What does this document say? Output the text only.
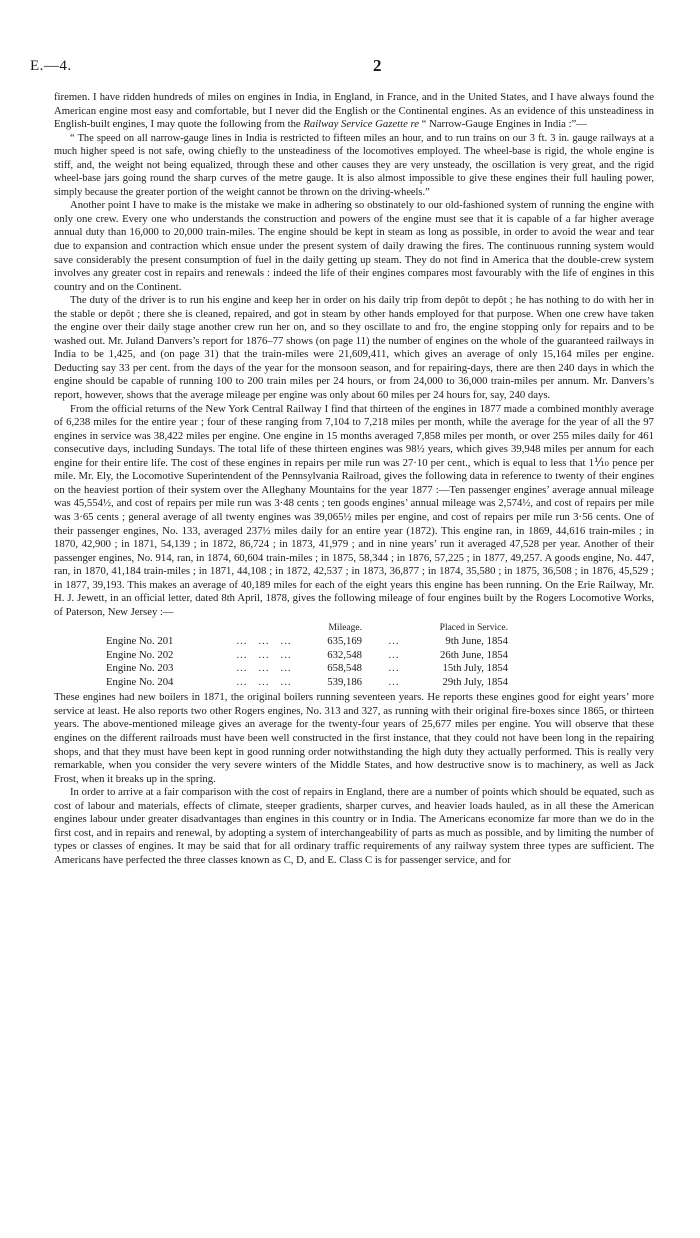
E.—4.	2

firemen. I have ridden hundreds of miles on engines in India, in England, in France, and in the United States, and I have always found the American engine most easy and comfortable, but I never did the English or the Continental engines. As an evidence of this unsteadiness in English-built engines, I may quote the following from the Railway Service Gazette re “ Narrow-Gauge Engines in India :”—

“ The speed on all narrow-gauge lines in India is restricted to fifteen miles an hour, and to run trains on our 3 ft. 3 in. gauge railways at a much higher speed is not safe, owing chiefly to the unsteadiness of the locomotives employed. The wheel-base is rigid, the whole engine is stiff, and, the weight not being equalized, through these and other causes they are very unsteady, the oscillation is very great, and the rigid wheel-base jars going round the sharp curves of the metre gauge. It is also almost impossible to give these engines their full hauling power, simply because the greater portion of the weight cannot be thrown on the driving-wheels.”

Another point I have to make is the mistake we make in adhering so obstinately to our old-fashioned system of running the engine with only one crew. Every one who understands the construction and powers of the engine must see that it is capable of a far higher average annual duty than 16,000 to 20,000 train-miles. The engine should be kept in steam as long as possible, in order to avoid the wear and tear due to expansion and contraction which ensue under the present system of daily drawing the fires. The continuous running system would save considerably the present consumption of fuel in the daily getting up steam. They do not find in America that the double-crew system involves any greater cost in repairs and renewals : indeed the life of their engines compares most favourably with the life of engines in this country and on the Continent.

The duty of the driver is to run his engine and keep her in order on his daily trip from depôt to depôt ; he has nothing to do with her in the stable or depôt ; there she is cleaned, repaired, and got in steam by other hands employed for that purpose. When one crew have taken the engine over their daily stage another crew run her on, and so they oscillate to and fro, the engine stopping only for repairs and to be washed out. Mr. Juland Danvers’s report for 1876–77 shows (on page 11) the number of engines on the whole of the guaranteed railways in India to be 1,425, and (on page 31) that the train-miles were 21,609,411, which gives an average of only 15,164 miles per engine. Deducting say 33 per cent. from the days of the year for the monsoon season, and for repairing-days, there are then 240 days in which the engine should be capable of running 100 to 200 train miles per 24 hours, or from 24,000 to 36,000 train-miles per annum. Mr. Danvers’s report, however, shows that the average mileage per engine was only about 60 miles per 24 hours for, say, 240 days.

From the official returns of the New York Central Railway I find that thirteen of the engines in 1877 made a combined monthly average of 6,238 miles for the entire year ; four of these ranging from 7,104 to 7,218 miles per month, while the average for the year of all the 97 engines in service was 38,422 miles per engine. One engine in 15 months averaged 7,858 miles per month, or over 255 miles daily for 461 consecutive days, including Sundays. The total life of these thirteen engines was 98½ years, which gives 39,948 miles per annum for each engine for their entire life. The cost of these engines in repairs per mile run was 27·10 per cent., which is equal to less that 1⅒ pence per mile. Mr. Ely, the Locomotive Superintendent of the Pennsylvania Railroad, gives the following data in reference to twenty of their engines on the heaviest portion of their system over the Alleghany Mountains for the year 1877 :—Ten passenger engines’ average annual mileage was 45,554½, and cost of repairs per mile run was 3·48 cents ; ten goods engines’ annual mileage was 2,574½, and cost of repairs per mile was 3·65 cents ; general average of all twenty engines was 39,065½ miles per engine, and cost of repairs per mile run 3·56 cents. One of their passenger engines, No. 133, averaged 237½ miles daily for an entire year (1872). This engine ran, in 1869, 44,616 train-miles ; in 1870, 42,900 ; in 1871, 54,139 ; in 1872, 86,724 ; in 1873, 41,979 ; and in nine years’ run it averaged 47,528 per year. Another of their passenger engines, No. 914, ran, in 1874, 60,604 train-miles ; in 1875, 58,344 ; in 1876, 57,225 ; in 1877, 49,257. A goods engine, No. 447, ran, in 1870, 41,184 train-miles ; in 1871, 44,108 ; in 1872, 42,537 ; in 1873, 36,877 ; in 1874, 35,580 ; in 1875, 36,508 ; in 1876, 45,529 ; in 1877, 39,193. This makes an average of 40,189 miles for each of the eight years this engine has been running. On the Erie Railway, Mr. H. J. Jewett, in an official letter, dated 8th April, 1878, gives the following mileage of four engines built by the Rogers Locomotive Works, of Paterson, New Jersey :—

		Mileage.		Placed in Service.
Engine No. 201	... ... ...	635,169	...	9th June, 1854
Engine No. 202	... ... ...	632,548	...	26th June, 1854
Engine No. 203	... ... ...	658,548	...	15th July, 1854
Engine No. 204	... ... ...	539,186	...	29th July, 1854

These engines had new boilers in 1871, the original boilers running seventeen years. He reports these engines good for eight years’ more service at least. He also reports two other Rogers engines, No. 313 and 327, as running with their original fire-boxes since 1865, or thirteen years. The above-mentioned mileage gives an average for the twenty-four years of 25,677 miles per engine. You will observe that these engines on the different railroads must have been well constructed in the first instance, that they could not have been long in the repairing shops, and that they must have been kept in good running order notwithstanding the high duty they actually performed. This is really very remarkable, when you consider the very severe winters of the Middle States, and how destructive snow is to machinery, as well as Jack Frost, when it breaks up in the spring.

In order to arrive at a fair comparison with the cost of repairs in England, there are a number of points which should be equated, such as cost of labour and materials, effects of climate, steeper gradients, sharper curves, and heavier loads hauled, as in all these the American engines labour under greater disadvantages than engines in this country or in India. The Americans economize far more than we do in the first cost, and in repairs and renewal, by adopting a system of interchangeability of parts as much as possible, and by limiting the number of types or classes of engines. It may be said that for all ordinary traffic requirements of any railway system three types are sufficient. The Americans have perfected the three classes known as C, D, and E. Class C is for passenger service, and for
